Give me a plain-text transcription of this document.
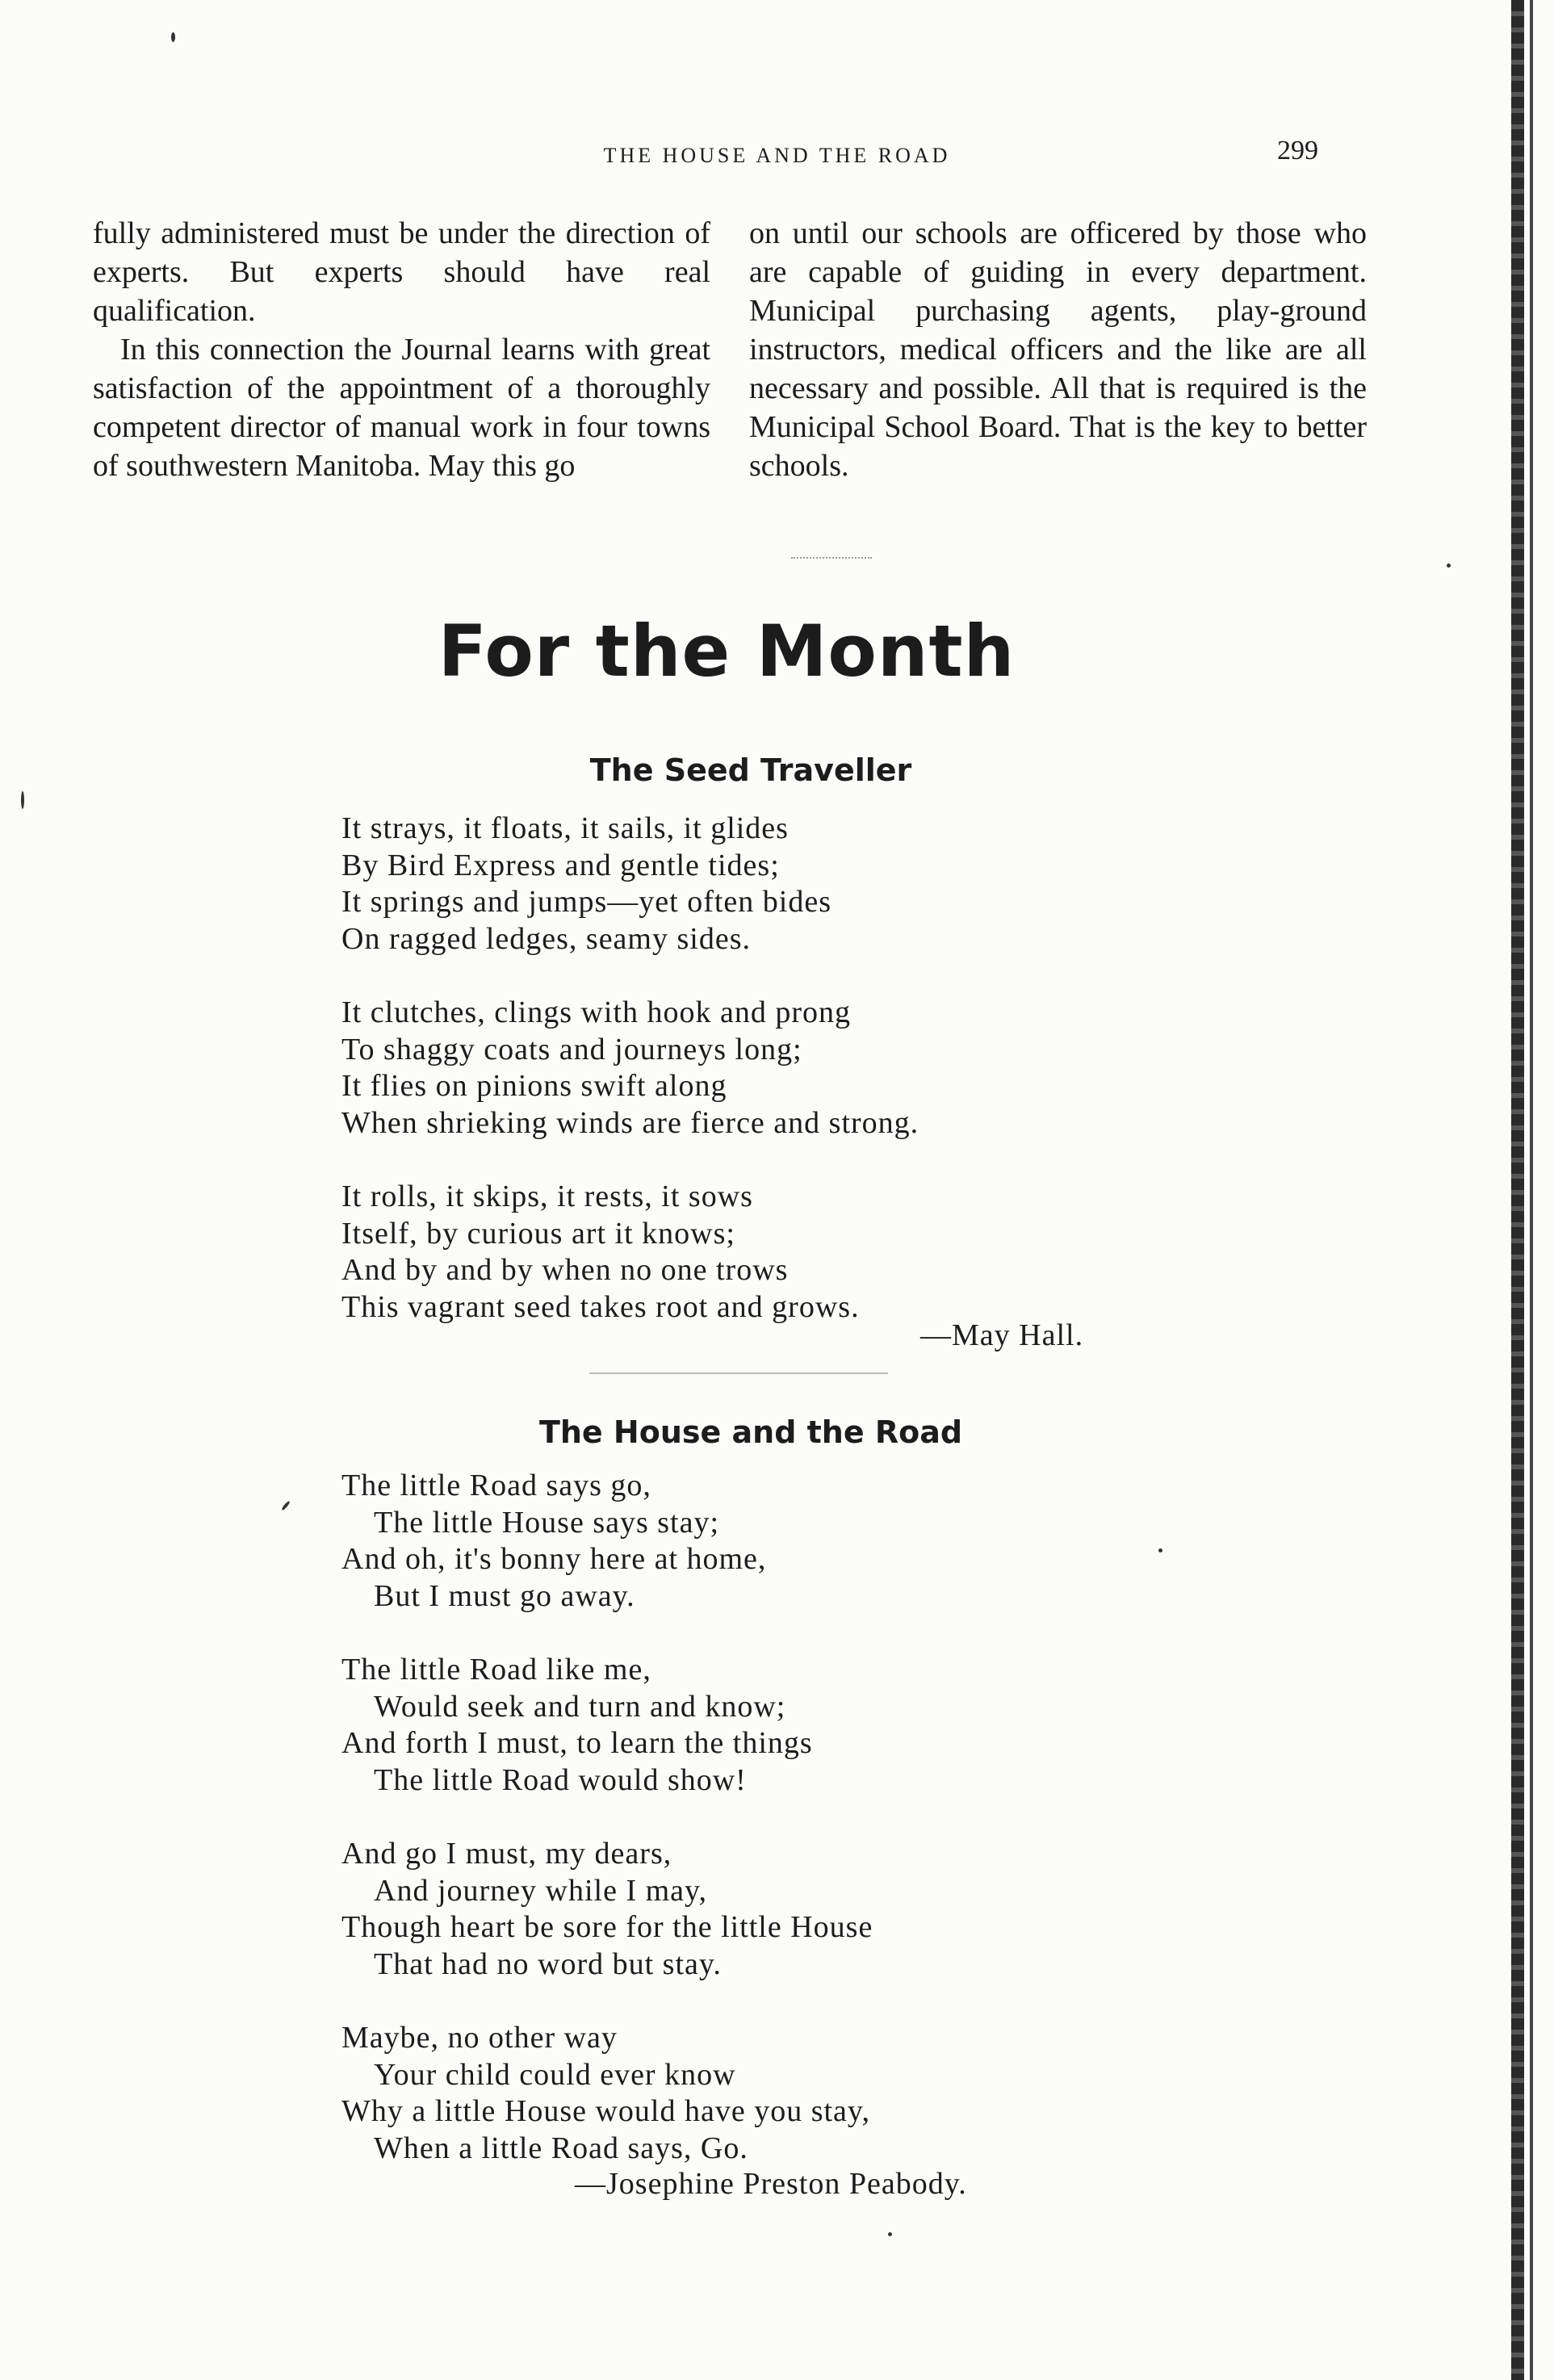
THE HOUSE AND THE ROAD	299

fully administered must be under the direction of experts. But experts should have real qualification.

In this connection the Journal learns with great satisfaction of the appointment of a thoroughly competent director of manual work in four towns of southwestern Manitoba. May this go

on until our schools are officered by those who are capable of guiding in every department. Municipal purchasing agents, play-ground instructors, medical officers and the like are all necessary and possible. All that is required is the Municipal School Board. That is the key to better schools.

For the Month
The Seed Traveller
It strays, it floats, it sails, it glides
By Bird Express and gentle tides;
It springs and jumps—yet often bides
On ragged ledges, seamy sides.
It clutches, clings with hook and prong
To shaggy coats and journeys long;
It flies on pinions swift along
When shrieking winds are fierce and strong.
It rolls, it skips, it rests, it sows
Itself, by curious art it knows;
And by and by when no one trows
This vagrant seed takes root and grows.
—May Hall.
The House and the Road
The little Road says go,
The little House says stay;
And oh, it's bonny here at home,
But I must go away.
The little Road like me,
Would seek and turn and know;
And forth I must, to learn the things
The little Road would show!
And go I must, my dears,
And journey while I may,
Though heart be sore for the little House
That had no word but stay.
Maybe, no other way
Your child could ever know
Why a little House would have you stay,
When a little Road says, Go.
—Josephine Preston Peabody.
